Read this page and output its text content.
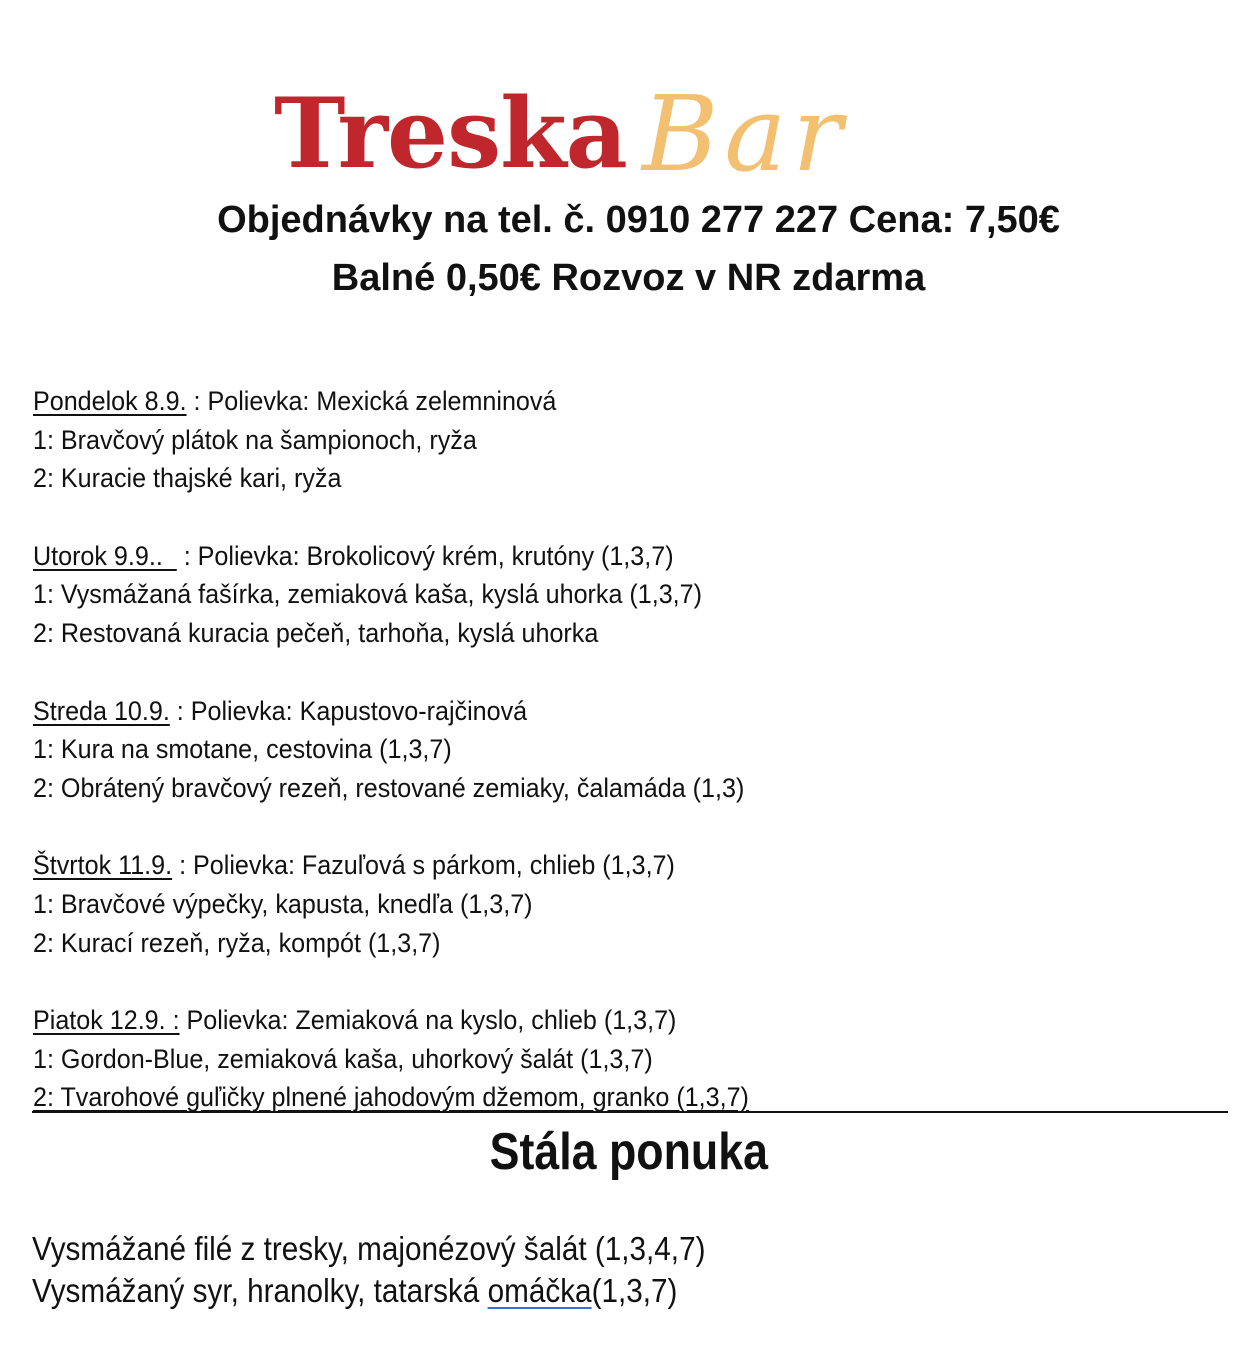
Treska Bar
Objednávky na tel. č. 0910 277 227 Cena: 7,50€
Balné 0,50€ Rozvoz v NR zdarma
Pondelok 8.9. : Polievka: Mexická zelemninová
1: Bravčový plátok na šampionoch, ryža
2: Kuracie thajské kari, ryža
Utorok 9.9..   : Polievka: Brokolicový krém, krutóny (1,3,7)
1: Vysmážaná fašírka, zemiaková kaša, kyslá uhorka (1,3,7)
2: Restovaná kuracia pečeň, tarhoňa, kyslá uhorka
Streda 10.9. : Polievka: Kapustovo-rajčinová
1: Kura na smotane, cestovina (1,3,7)
2: Obrátený bravčový rezeň, restované zemiaky, čalamáda (1,3)
Štvrtok 11.9. : Polievka: Fazuľová s párkom, chlieb (1,3,7)
1: Bravčové výpečky, kapusta, knedľa (1,3,7)
2: Kurací rezeň, ryža, kompót (1,3,7)
Piatok 12.9. : Polievka: Zemiaková na kyslo, chlieb (1,3,7)
1: Gordon-Blue, zemiaková kaša, uhorkový šalát (1,3,7)
2: Tvarohové guľičky plnené jahodovým džemom, granko (1,3,7)
Stála ponuka
Vysmážané filé z tresky, majonézový šalát (1,3,4,7)
Vysmážaný syr, hranolky, tatarská omáčka(1,3,7)
